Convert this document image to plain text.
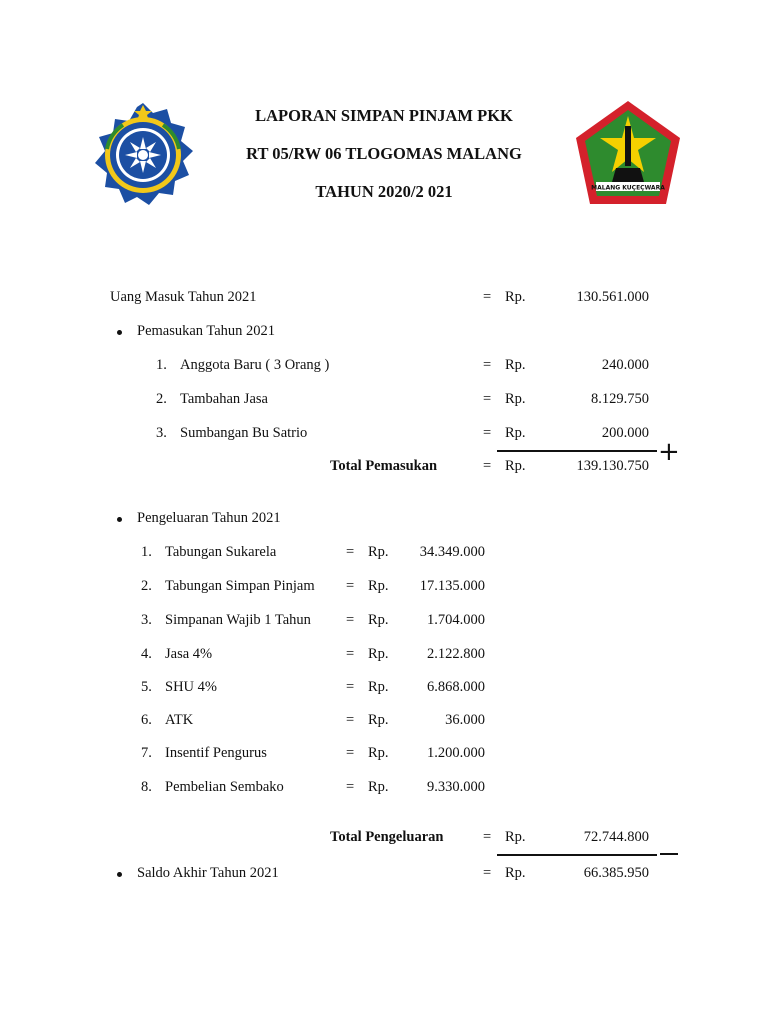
MALANG KUÇEÇWARA
LAPORAN SIMPAN PINJAM PKK
RT 05/RW 06 TLOGOMAS MALANG
TAHUN 2020/2 021
Uang Masuk Tahun 2021	= Rp.	130.561.000
Pemasukan Tahun 2021
1. Anggota Baru ( 3 Orang )	= Rp.	240.000
2. Tambahan Jasa	= Rp.	8.129.750
3. Sumbangan Bu Satrio	= Rp.	200.000
+
Total Pemasukan	= Rp.	139.130.750
Pengeluaran Tahun 2021
1. Tabungan Sukarela	= Rp.	34.349.000
2. Tabungan Simpan Pinjam = Rp.	17.135.000
3. Simpanan Wajib 1 Tahun = Rp.	1.704.000
4. Jasa 4%	= Rp.	2.122.800
5. SHU 4%	= Rp.	6.868.000
6. ATK	= Rp.	36.000
7. Insentif Pengurus	= Rp.	1.200.000
8. Pembelian Sembako	= Rp.	9.330.000
Total Pengeluaran	= Rp.	72.744.800
Saldo Akhir Tahun 2021	= Rp.	66.385.950
